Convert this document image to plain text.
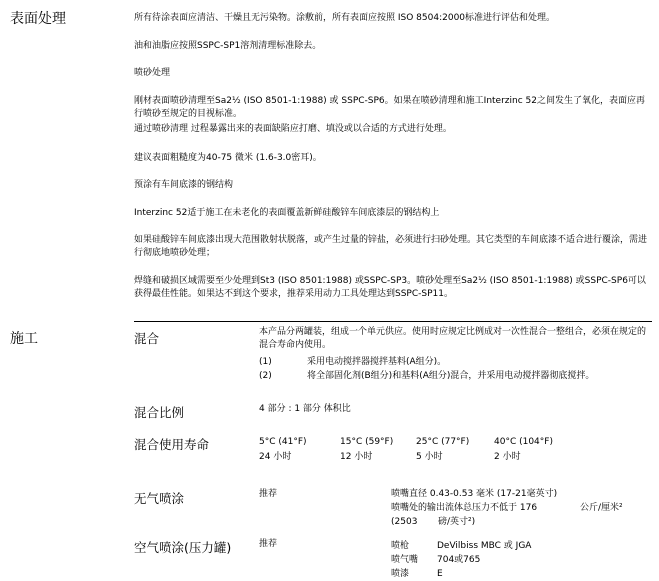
表面处理	所有待涂表面应清洁、干燥且无污染物。涂敷前，所有表面应按照 ISO 8504:2000标准进行评估和处理。
油和油脂应按照SSPC-SP1溶剂清理标准除去。
喷砂处理
刚材表面喷砂清理至Sa2½ (ISO 8501-1:1988) 或 SSPC-SP6。如果在喷砂清理和施工Interzinc 52之间发生了氧化，表面应再行喷砂至规定的目视标准。
通过喷砂清理 过程暴露出来的表面缺陷应打磨、填没或以合适的方式进行处理。
建议表面粗糙度为40-75 微米 (1.6-3.0密耳)。
预涂有车间底漆的钢结构
Interzinc 52适于施工在未老化的表面覆盖新鲜硅酸锌车间底漆层的钢结构上
如果硅酸锌车间底漆出现大范围散射状脱落，或产生过量的锌盐，必须进行扫砂处理。其它类型的车间底漆不适合进行覆涂，需进行彻底地喷砂处理；
焊缝和破损区域需要至少处理到St3 (ISO 8501:1988) 或SSPC-SP3。喷砂处理至Sa2½ (ISO 8501-1:1988) 或SSPC-SP6可以获得最佳性能。如果达不到这个要求，推荐采用动力工具处理达到SSPC-SP11。
施工	混合	本产品分两罐装，组成一个单元供应。使用时应规定比例成对一次性混合一整组合，必须在规定的混合寿命内使用。
(1)	采用电动搅拌器搅拌基料(A组分)。
(2)	将全部固化剂(B组分)和基料(A组分)混合，并采用电动搅拌器彻底搅拌。
混合比例	4 部分 : 1 部分 体积比
混合使用寿命	5°C (41°F)	15°C (59°F)	25°C (77°F)	40°C (104°F)
24 小时	12 小时	5 小时	2 小时
无气喷涂	推荐	喷嘴直径 0.43-0.53 毫米 (17-21毫英寸)
喷嘴处的输出流体总压力不低于 176	公斤/厘米²
(2503 磅/英寸²)
空气喷涂(压力罐)	推荐	喷枪	DeVilbiss MBC 或 JGA
喷气嘴 704或765
喷漆	E
